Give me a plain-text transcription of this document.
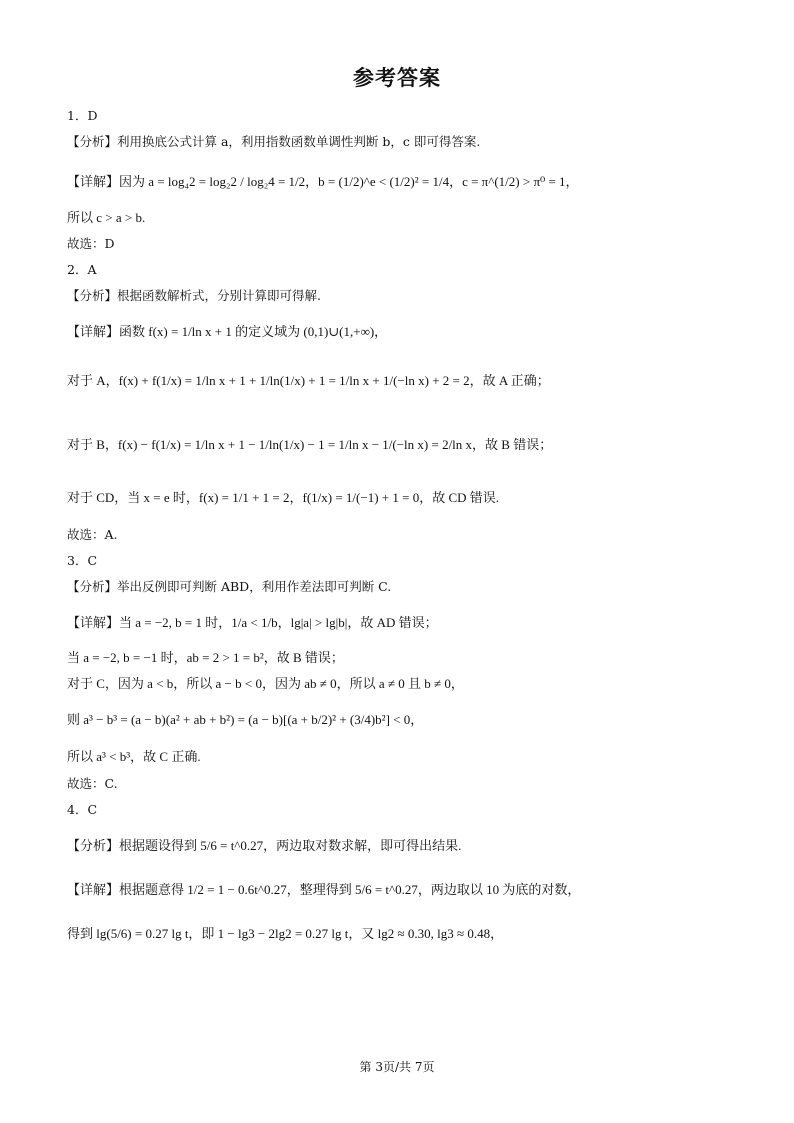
参考答案
1．D
【分析】利用换底公式计算 a，利用指数函数单调性判断 b，c 即可得答案.
【详解】因为 a = log₄2 = log₂2 / log₂4 = 1/2，b = (1/2)^e < (1/2)² = 1/4，c = π^(1/2) > π⁰ = 1，
所以 c > a > b.
故选：D
2．A
【分析】根据函数解析式，分别计算即可得解.
【详解】函数 f(x) = 1/ln x + 1 的定义域为 (0,1)∪(1,+∞)，
对于 A，f(x) + f(1/x) = 1/ln x + 1 + 1/ln(1/x) + 1 = 1/ln x + 1/(−ln x) + 2 = 2，故 A 正确；
对于 B，f(x) − f(1/x) = 1/ln x + 1 − 1/ln(1/x) − 1 = 1/ln x − 1/(−ln x) = 2/ln x，故 B 错误；
对于 CD，当 x = e 时，f(x) = 1/1 + 1 = 2，f(1/x) = 1/(−1) + 1 = 0，故 CD 错误.
故选：A.
3．C
【分析】举出反例即可判断 ABD，利用作差法即可判断 C.
【详解】当 a = −2, b = 1 时，1/a < 1/b，lg|a| > lg|b|，故 AD 错误；
当 a = −2, b = −1 时，ab = 2 > 1 = b²，故 B 错误；
对于 C，因为 a < b，所以 a − b < 0，因为 ab ≠ 0，所以 a ≠ 0 且 b ≠ 0，
则 a³ − b³ = (a − b)(a² + ab + b²) = (a − b)[(a + b/2)² + (3/4)b²] < 0，
所以 a³ < b³，故 C 正确.
故选：C.
4．C
【分析】根据题设得到 5/6 = t^0.27，两边取对数求解，即可得出结果.
【详解】根据题意得 1/2 = 1 − 0.6t^0.27，整理得到 5/6 = t^0.27，两边取以 10 为底的对数，
得到 lg(5/6) = 0.27 lg t，即 1 − lg3 − 2lg2 = 0.27 lg t，又 lg2 ≈ 0.30, lg3 ≈ 0.48，
第 3页/共 7页
